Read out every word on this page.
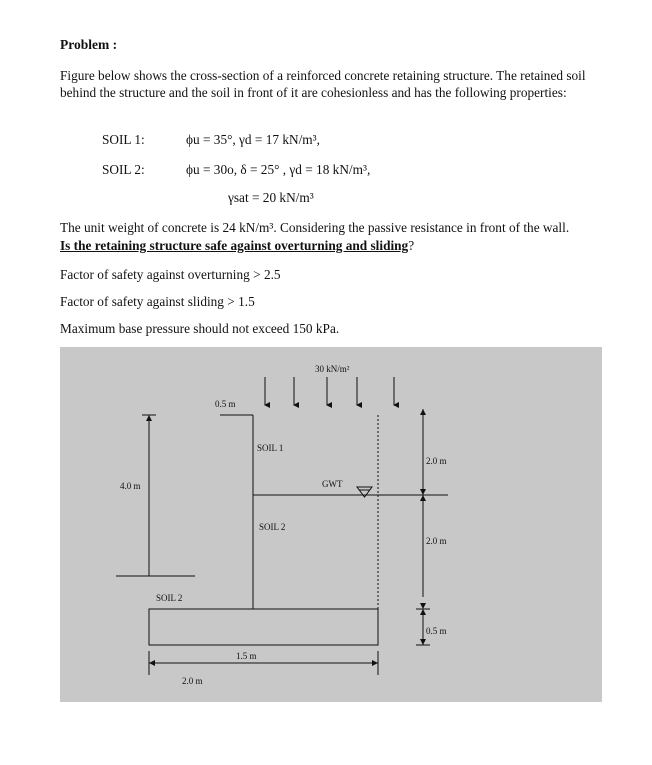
Problem :
Figure below shows the cross-section of a reinforced concrete retaining structure. The retained soil behind the structure and the soil in front of it are cohesionless and has the following properties:
SOIL 1:	ϕu = 35°, γd = 17 kN/m³,
SOIL 2:	ϕu = 30o, δ = 25° , γd = 18 kN/m³,
γsat = 20 kN/m³
The unit weight of concrete is 24 kN/m³. Considering the passive resistance in front of the wall.
Is the retaining structure safe against overturning and sliding?
Factor of safety against overturning > 2.5
Factor of safety against sliding > 1.5
Maximum base pressure should not exceed 150 kPa.
30 kN/m²
0.5 m
SOIL 1
GWT
SOIL 2
SOIL 2
4.0 m
2.0 m
2.0 m
0.5 m
1.5 m
2.0 m
